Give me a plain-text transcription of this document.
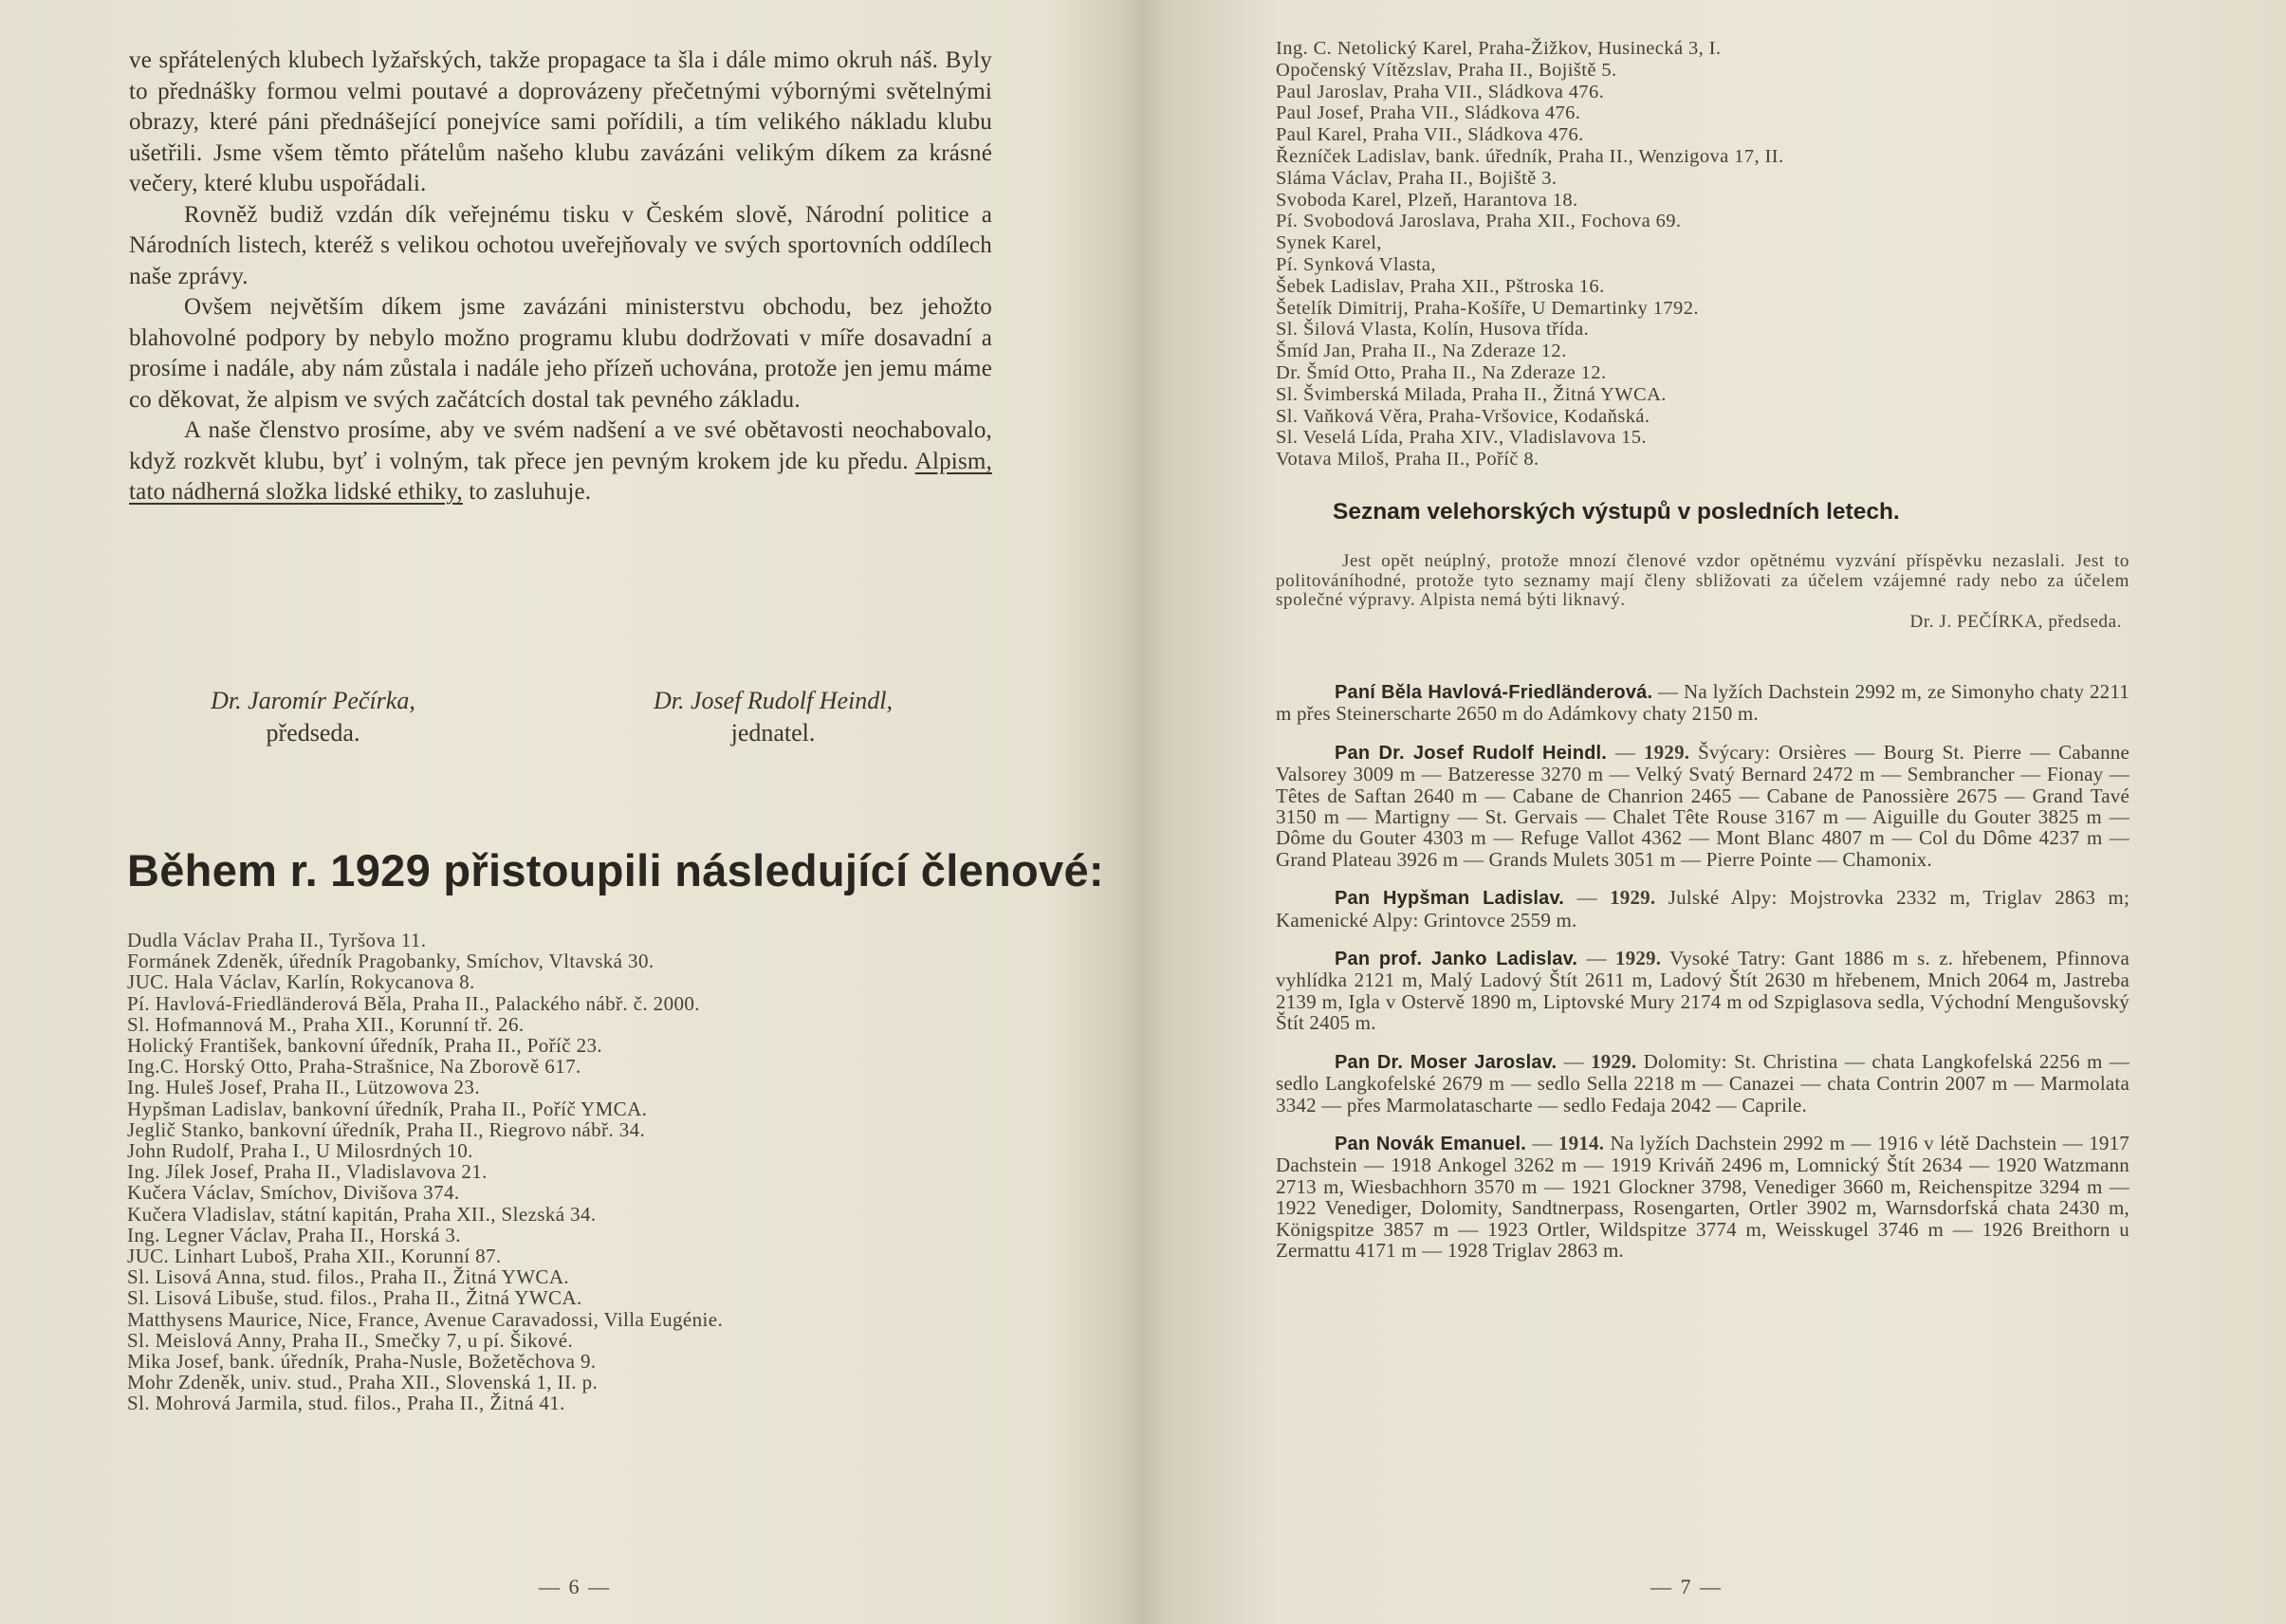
ve spřátelených klubech lyžařských, takže propagace ta šla i dále mimo okruh náš. Byly to přednášky formou velmi poutavé a doprovázeny přečetnými výbornými světelnými obrazy, které páni přednášející ponejvíce sami pořídili, a tím velikého nákladu klubu ušetřili. Jsme všem těmto přátelům našeho klubu zavázáni velikým díkem za krásné večery, které klubu uspořádali.

Rovněž budiž vzdán dík veřejnému tisku v Českém slově, Národní politice a Národních listech, kteréž s velikou ochotou uveřejňovaly ve svých sportovních oddílech naše zprávy.

Ovšem největším díkem jsme zavázáni ministerstvu obchodu, bez jehožto blahovolné podpory by nebylo možno programu klubu dodržovati v míře dosavadní a prosíme i nadále, aby nám zůstala i nadále jeho přízeň uchována, protože jen jemu máme co děkovat, že alpism ve svých začátcích dostal tak pevného základu.

A naše členstvo prosíme, aby ve svém nadšení a ve své obětavosti neochabovalo, když rozkvět klubu, byť i volným, tak přece jen pevným krokem jde ku předu. Alpism, tato nádherná složka lidské ethiky, to zasluhuje.

Dr. Jaromír Pečírka,
předseda.
Dr. Josef Rudolf Heindl,
jednatel.
Během r. 1929 přistoupili následující členové:
Dudla Václav Praha II., Tyršova 11.
Formánek Zdeněk, úředník Pragobanky, Smíchov, Vltavská 30.
JUC. Hala Václav, Karlín, Rokycanova 8.
Pí. Havlová-Friedländerová Běla, Praha II., Palackého nábř. č. 2000.
Sl. Hofmannová M., Praha XII., Korunní tř. 26.
Holický František, bankovní úředník, Praha II., Poříč 23.
Ing.C. Horský Otto, Praha-Strašnice, Na Zborově 617.
Ing. Huleš Josef, Praha II., Lützowova 23.
Hypšman Ladislav, bankovní úředník, Praha II., Poříč YMCA.
Jeglič Stanko, bankovní úředník, Praha II., Riegrovo nábř. 34.
John Rudolf, Praha I., U Milosrdných 10.
Ing. Jílek Josef, Praha II., Vladislavova 21.
Kučera Václav, Smíchov, Divišova 374.
Kučera Vladislav, státní kapitán, Praha XII., Slezská 34.
Ing. Legner Václav, Praha II., Horská 3.
JUC. Linhart Luboš, Praha XII., Korunní 87.
Sl. Lisová Anna, stud. filos., Praha II., Žitná YWCA.
Sl. Lisová Libuše, stud. filos., Praha II., Žitná YWCA.
Matthysens Maurice, Nice, France, Avenue Caravadossi, Villa Eugénie.
Sl. Meislová Anny, Praha II., Smečky 7, u pí. Šikové.
Mika Josef, bank. úředník, Praha-Nusle, Božetěchova 9.
Mohr Zdeněk, univ. stud., Praha XII., Slovenská 1, II. p.
Sl. Mohrová Jarmila, stud. filos., Praha II., Žitná 41.
— 6 —
Ing. C. Netolický Karel, Praha-Žižkov, Husinecká 3, I.
Opočenský Vítězslav, Praha II., Bojiště 5.
Paul Jaroslav, Praha VII., Sládkova 476.
Paul Josef, Praha VII., Sládkova 476.
Paul Karel, Praha VII., Sládkova 476.
Řezníček Ladislav, bank. úředník, Praha II., Wenzigova 17, II.
Sláma Václav, Praha II., Bojiště 3.
Svoboda Karel, Plzeň, Harantova 18.
Pí. Svobodová Jaroslava, Praha XII., Fochova 69.
Synek Karel,
Pí. Synková Vlasta,
Šebek Ladislav, Praha XII., Pštroska 16.
Šetelík Dimitrij, Praha-Košíře, U Demartinky 1792.
Sl. Šilová Vlasta, Kolín, Husova třída.
Šmíd Jan, Praha II., Na Zderaze 12.
Dr. Šmíd Otto, Praha II., Na Zderaze 12.
Sl. Švimberská Milada, Praha II., Žitná YWCA.
Sl. Vaňková Věra, Praha-Vršovice, Kodaňská.
Sl. Veselá Lída, Praha XIV., Vladislavova 15.
Votava Miloš, Praha II., Poříč 8.
Seznam velehorských výstupů v posledních letech.

Jest opět neúplný, protože mnozí členové vzdor opětnému vyzvání příspěvku nezaslali. Jest to politováníhodné, protože tyto seznamy mají členy sbližovati za účelem vzájemné rady nebo za účelem společné výpravy. Alpista nemá býti liknavý.

Dr. J. PEČÍRKA, předseda.

Paní Běla Havlová-Friedländerová. — Na lyžích Dachstein 2992 m, ze Simonyho chaty 2211 m přes Steinerscharte 2650 m do Adámkovy chaty 2150 m.

Pan Dr. Josef Rudolf Heindl. — 1929. Švýcary: Orsières — Bourg St. Pierre — Cabanne Valsorey 3009 m — Batzeresse 3270 m — Velký Svatý Bernard 2472 m — Sembrancher — Fionay — Têtes de Saftan 2640 m — Cabane de Chanrion 2465 — Cabane de Panossière 2675 — Grand Tavé 3150 m — Martigny — St. Gervais — Chalet Tête Rouse 3167 m — Aiguille du Gouter 3825 m — Dôme du Gouter 4303 m — Refuge Vallot 4362 — Mont Blanc 4807 m — Col du Dôme 4237 m — Grand Plateau 3926 m — Grands Mulets 3051 m — Pierre Pointe — Chamonix.

Pan Hypšman Ladislav. — 1929. Julské Alpy: Mojstrovka 2332 m, Triglav 2863 m; Kamenické Alpy: Grintovce 2559 m.

Pan prof. Janko Ladislav. — 1929. Vysoké Tatry: Gant 1886 m s. z. hřebenem, Pfinnova vyhlídka 2121 m, Malý Ladový Štít 2611 m, Ladový Štít 2630 m hřebenem, Mnich 2064 m, Jastreba 2139 m, Igla v Ostervě 1890 m, Liptovské Mury 2174 m od Szpiglasova sedla, Východní Mengušovský Štít 2405 m.

Pan Dr. Moser Jaroslav. — 1929. Dolomity: St. Christina — chata Langkofelská 2256 m — sedlo Langkofelské 2679 m — sedlo Sella 2218 m — Canazei — chata Contrin 2007 m — Marmolata 3342 — přes Marmolatascharte — sedlo Fedaja 2042 — Caprile.

Pan Novák Emanuel. — 1914. Na lyžích Dachstein 2992 m — 1916 v létě Dachstein — 1917 Dachstein — 1918 Ankogel 3262 m — 1919 Kriváň 2496 m, Lomnický Štít 2634 — 1920 Watzmann 2713 m, Wiesbachhorn 3570 m — 1921 Glockner 3798, Venediger 3660 m, Reichenspitze 3294 m — 1922 Venediger, Dolomity, Sandtnerpass, Rosengarten, Ortler 3902 m, Warnsdorfská chata 2430 m, Königspitze 3857 m — 1923 Ortler, Wildspitze 3774 m, Weisskugel 3746 m — 1926 Breithorn u Zermattu 4171 m — 1928 Triglav 2863 m.

— 7 —
